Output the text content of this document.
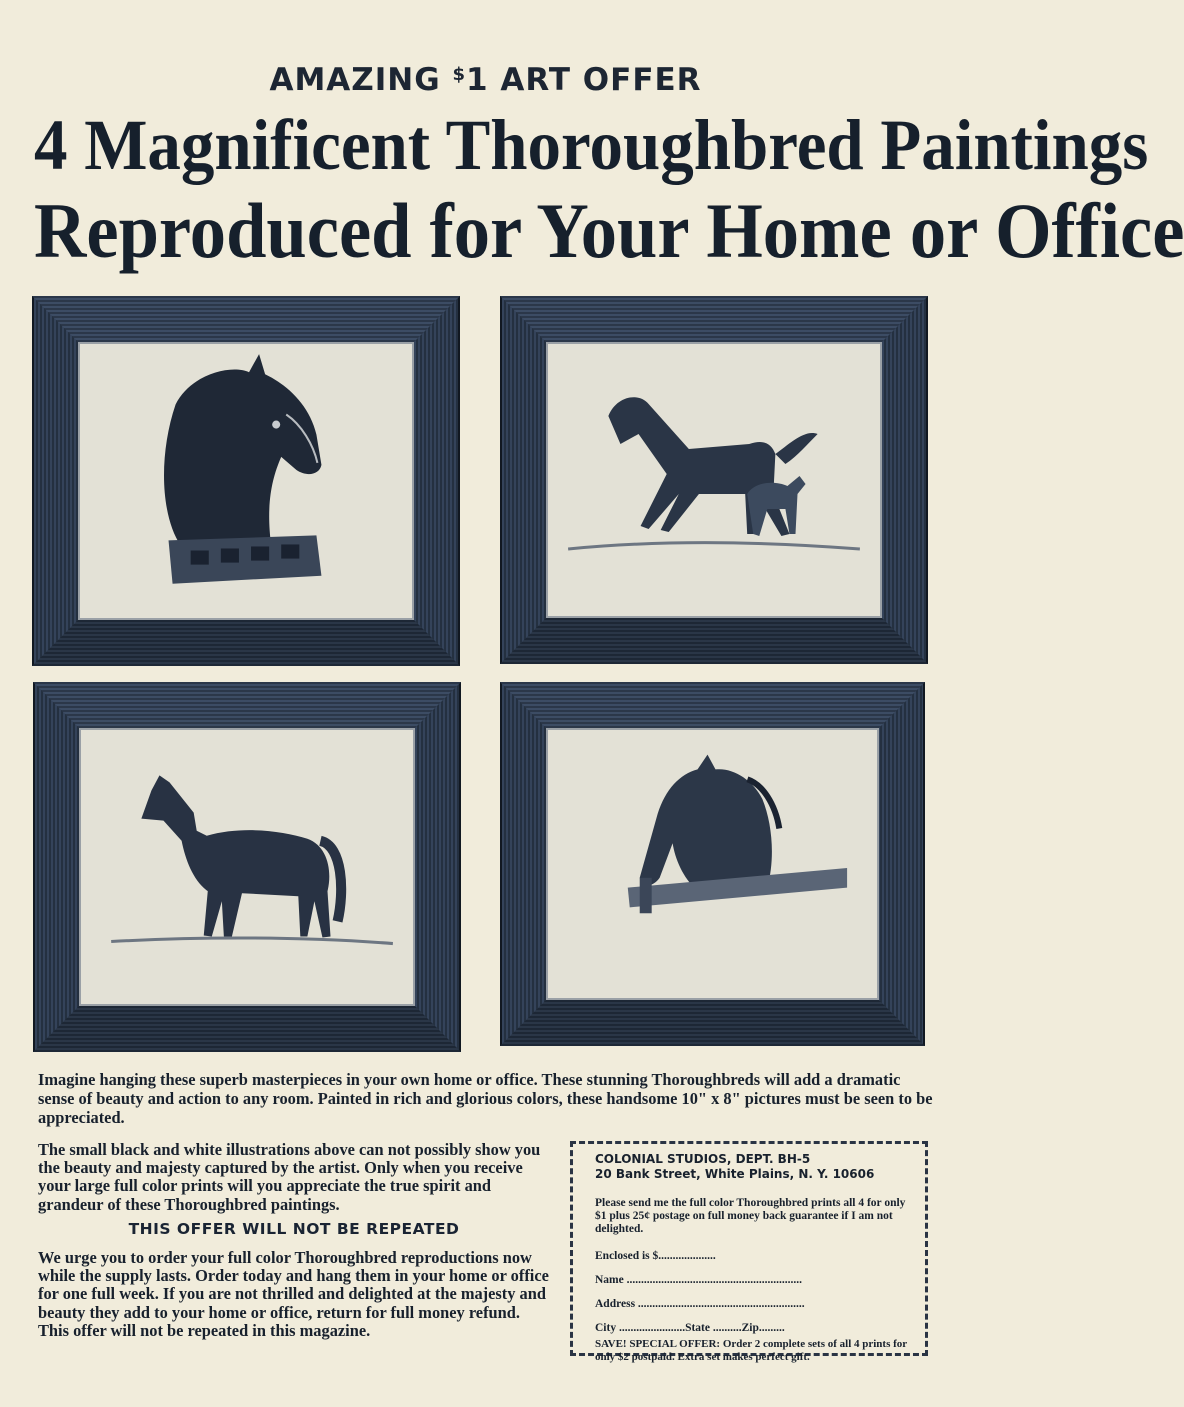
AMAZING $1 ART OFFER
4 Magnificent Thoroughbred Paintings
Reproduced for Your Home or Office
Imagine hanging these superb masterpieces in your own home or office. These stunning Thoroughbreds will add a dramatic sense of beauty and action to any room. Painted in rich and glorious colors, these handsome 10" x 8" pictures must be seen to be appreciated.
The small black and white illustrations above can not possibly show you the beauty and majesty captured by the artist. Only when you receive your large full color prints will you appreciate the true spirit and grandeur of these Thoroughbred paintings.
THIS OFFER WILL NOT BE REPEATED
We urge you to order your full color Thoroughbred reproductions now while the supply lasts. Order today and hang them in your home or office for one full week. If you are not thrilled and delighted at the majesty and beauty they add to your home or office, return for full money refund. This offer will not be repeated in this magazine.
COLONIAL STUDIOS, DEPT. BH-5
20 Bank Street, White Plains, N. Y. 10606
Please send me the full color Thoroughbred prints all 4 for only $1 plus 25¢ postage on full money back guarantee if I am not delighted.
Enclosed is $....................
Name .............................................................
Address ..........................................................
City .......................State ..........Zip.........
SAVE! SPECIAL OFFER: Order 2 complete sets of all 4 prints for only $2 postpaid. Extra set makes perfect gift.
